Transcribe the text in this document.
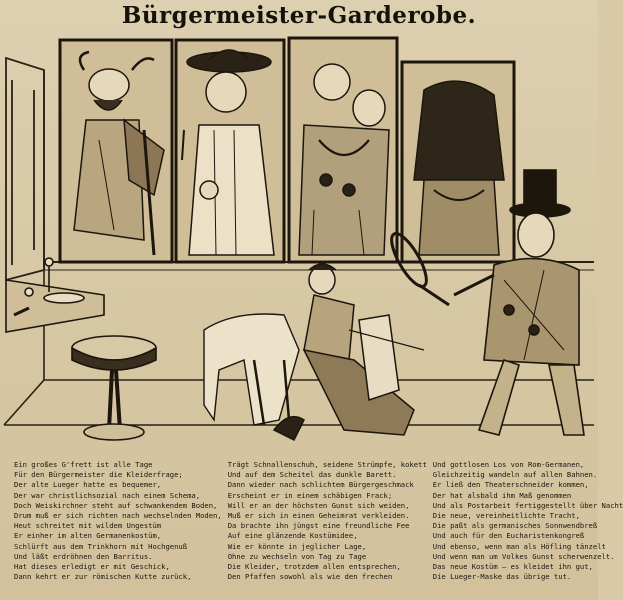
Bürgermeister-Garderobe.
Ein großes G'frett ist alle Tage
Für den Bürgermeister die Kleiderfrage;
Der alte Lueger hatte es bequemer,
Der war christlichsozial nach einem Schema,
Doch Weiskirchner steht auf schwankendem Boden,
Drum muß er sich richten nach wechselnden Moden,
Heut schreitet mit wildem Ungestüm
Er einher im alten Germanenkostüm,
Schlürft aus dem Trinkhorn mit Hochgenuß
Und läßt erdröhnen den Barritus.
Hat dieses erledigt er mit Geschick,
Dann kehrt er zur römischen Kutte zurück,
Trägt Schnallenschuh, seidene Strümpfe, kokett
Und auf dem Scheitel das dunkle Barett.
Dann wieder nach schlichtem Bürgergeschmack
Erscheint er in einem schäbigen Frack;
Will er an der höchsten Gunst sich weiden,
Muß er sich in einen Geheimrat verkleiden.
Da brachte ihn jüngst eine freundliche Fee
Auf eine glänzende Kostümidee,
Wie er könnte in jeglicher Lage,
Ohne zu wechseln von Tag zu Tage
Die Kleider, trotzdem allen entsprechen,
Den Pfaffen sowohl als wie den frechen
Und gottlosen Los von Rom-Germanen,
Gleichzeitig wandeln auf allen Bahnen.
Er ließ den Theaterschneider kommen,
Der hat alsbald ihm Maß genommen
Und als Postarbeit fertiggestellt über Nacht
Die neue, vereinheitlichte Tracht,
Die paßt als germanisches Sonnwendbreß
Und auch für den Eucharistenkongreß
Und ebenso, wenn man als Höfling tänzelt
Und wenn man um Volkes Gunst scherwenzelt.
Das neue Kostüm — es kleidet ihn gut,
Die Lueger-Maske das übrige tut.
